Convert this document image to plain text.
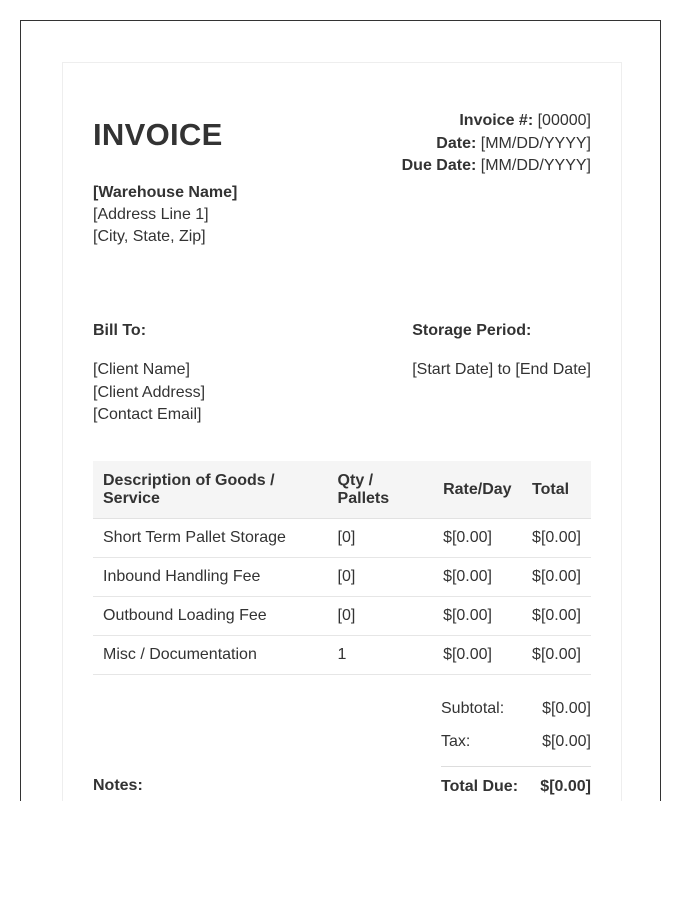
INVOICE	Invoice #: [00000]
Date: [MM/DD/YYYY]
Due Date: [MM/DD/YYYY]
[Warehouse Name]
[Address Line 1]
[City, State, Zip]
Bill To:
[Client Name]
[Client Address]
[Contact Email]
Storage Period:
[Start Date] to [End Date]
Description of Goods / Service	Qty / Pallets	Rate/Day	Total
Short Term Pallet Storage	[0]	$[0.00]	$[0.00]
Inbound Handling Fee	[0]	$[0.00]	$[0.00]
Outbound Loading Fee	[0]	$[0.00]	$[0.00]
Misc / Documentation	1	$[0.00]	$[0.00]
Subtotal: $[0.00]
Tax:	$[0.00]
Total Due: $[0.00]
Notes:
